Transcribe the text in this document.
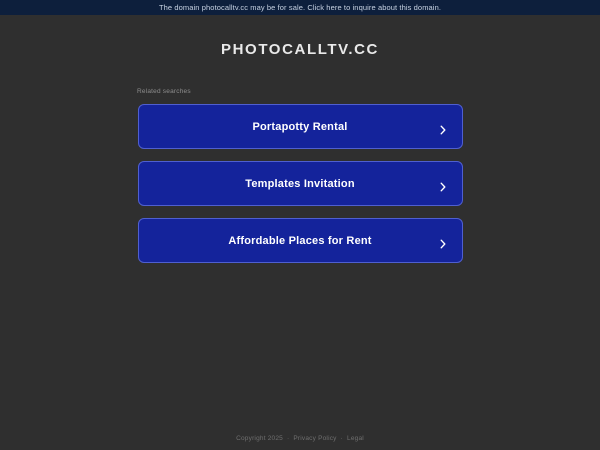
The domain photocalltv.cc may be for sale. Click here to inquire about this domain.
PHOTOCALLTV.CC
Related searches
Portapotty Rental
Templates Invitation
Affordable Places for Rent
Copyright 2025 · Privacy Policy · Legal
